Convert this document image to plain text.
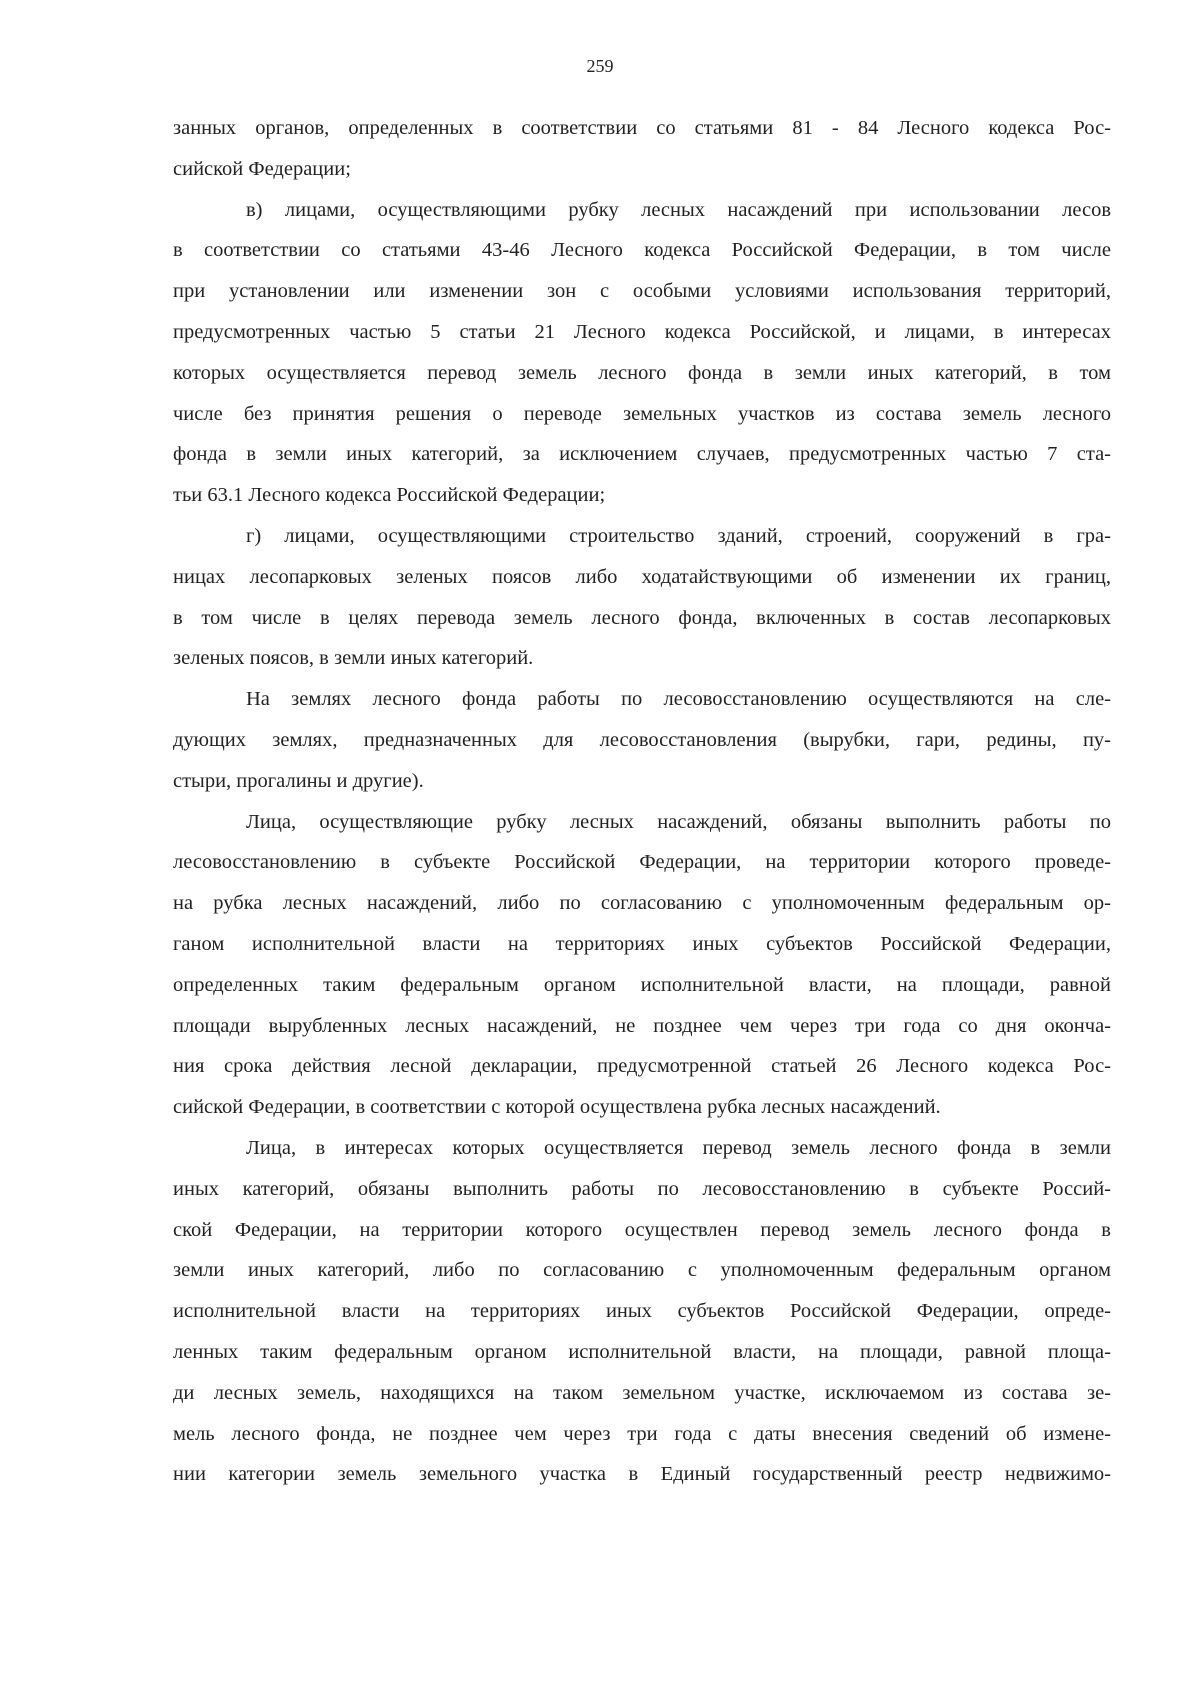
259
занных органов, определенных в соответствии со статьями 81 - 84 Лесного кодекса Рос-
сийской Федерации;
в) лицами, осуществляющими рубку лесных насаждений при использовании лесов
в соответствии со статьями 43-46 Лесного кодекса Российской Федерации, в том числе
при установлении или изменении зон с особыми условиями использования территорий,
предусмотренных частью 5 статьи 21 Лесного кодекса Российской, и лицами, в интересах
которых осуществляется перевод земель лесного фонда в земли иных категорий, в том
числе без принятия решения о переводе земельных участков из состава земель лесного
фонда в земли иных категорий, за исключением случаев, предусмотренных частью 7 ста-
тьи 63.1 Лесного кодекса Российской Федерации;
г) лицами, осуществляющими строительство зданий, строений, сооружений в гра-
ницах лесопарковых зеленых поясов либо ходатайствующими об изменении их границ,
в том числе в целях перевода земель лесного фонда, включенных в состав лесопарковых
зеленых поясов, в земли иных категорий.
На землях лесного фонда работы по лесовосстановлению осуществляются на сле-
дующих землях, предназначенных для лесовосстановления (вырубки, гари, редины, пу-
стыри, прогалины и другие).
Лица, осуществляющие рубку лесных насаждений, обязаны выполнить работы по
лесовосстановлению в субъекте Российской Федерации, на территории которого проведе-
на рубка лесных насаждений, либо по согласованию с уполномоченным федеральным ор-
ганом исполнительной власти на территориях иных субъектов Российской Федерации,
определенных таким федеральным органом исполнительной власти, на площади, равной
площади вырубленных лесных насаждений, не позднее чем через три года со дня оконча-
ния срока действия лесной декларации, предусмотренной статьей 26 Лесного кодекса Рос-
сийской Федерации, в соответствии с которой осуществлена рубка лесных насаждений.
Лица, в интересах которых осуществляется перевод земель лесного фонда в земли
иных категорий, обязаны выполнить работы по лесовосстановлению в субъекте Россий-
ской Федерации, на территории которого осуществлен перевод земель лесного фонда в
земли иных категорий, либо по согласованию с уполномоченным федеральным органом
исполнительной власти на территориях иных субъектов Российской Федерации, опреде-
ленных таким федеральным органом исполнительной власти, на площади, равной площа-
ди лесных земель, находящихся на таком земельном участке, исключаемом из состава зе-
мель лесного фонда, не позднее чем через три года с даты внесения сведений об измене-
нии категории земель земельного участка в Единый государственный реестр недвижимо-
